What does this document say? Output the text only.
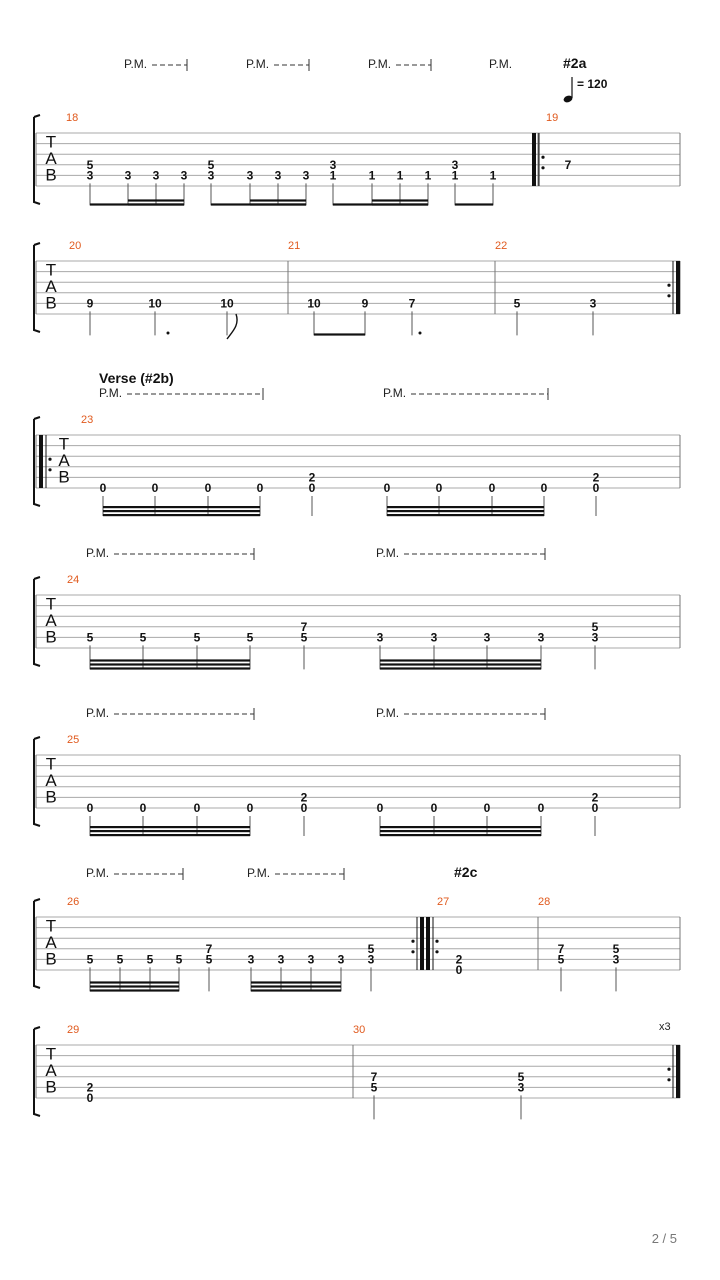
P.M.	P.M.	P.M.	P.M.	#2a
= 120
T
A
B
18	19
5
3	3 3 3
5
3	3 3 3
3
1	1 1 1
3
1	1
7
T
A
B
20	21	22
9	10	10	10	9	7	5	3
Verse (#2b)
P.M.	P.M.
T
A
B
23
0	0	0	0
2
0	0	0	0	0
2
0
P.M.	P.M.
T
A
B
24
5	5	5	5
7
5	3	3	3	3
5
3
P.M.	P.M.
T
A
B
25
0	0	0	0
2
0	0	0	0	0
2
0
P.M.	P.M.	#2c
T
A
B
26	27	28
5 5 5 5
7
5	3 3 3 3
5
3	2
0
7
5
5
3
T
A
B
29	30	x3
2
0
7
5
5
3
2 / 5
